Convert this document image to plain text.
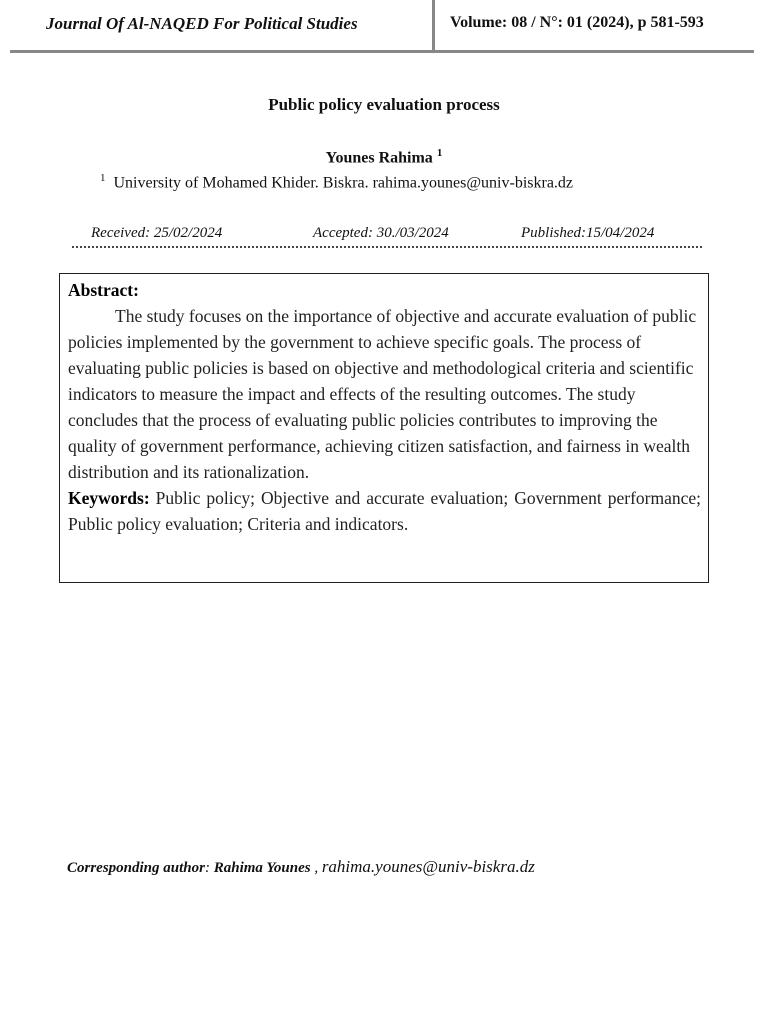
Journal Of Al-NAQED For Political Studies	Volume: 08 / N°: 01 (2024), p 581-593
Public policy evaluation process
Younes Rahima $^1$
$^1$ University of Mohamed Khider. Biskra. rahima.younes@univ-biskra.dz
Received: 25/02/2024	Accepted: 30./03/2024	Published:15/04/2024
Abstract:
The study focuses on the importance of objective and accurate evaluation of public policies implemented by the government to achieve specific goals. The process of evaluating public policies is based on objective and methodological criteria and scientific indicators to measure the impact and effects of the resulting outcomes. The study concludes that the process of evaluating public policies contributes to improving the quality of government performance, achieving citizen satisfaction, and fairness in wealth distribution and its rationalization.
Keywords: Public policy; Objective and accurate evaluation; Government performance; Public policy evaluation; Criteria and indicators.
Corresponding author: Rahima Younes , rahima.younes@univ-biskra.dz
